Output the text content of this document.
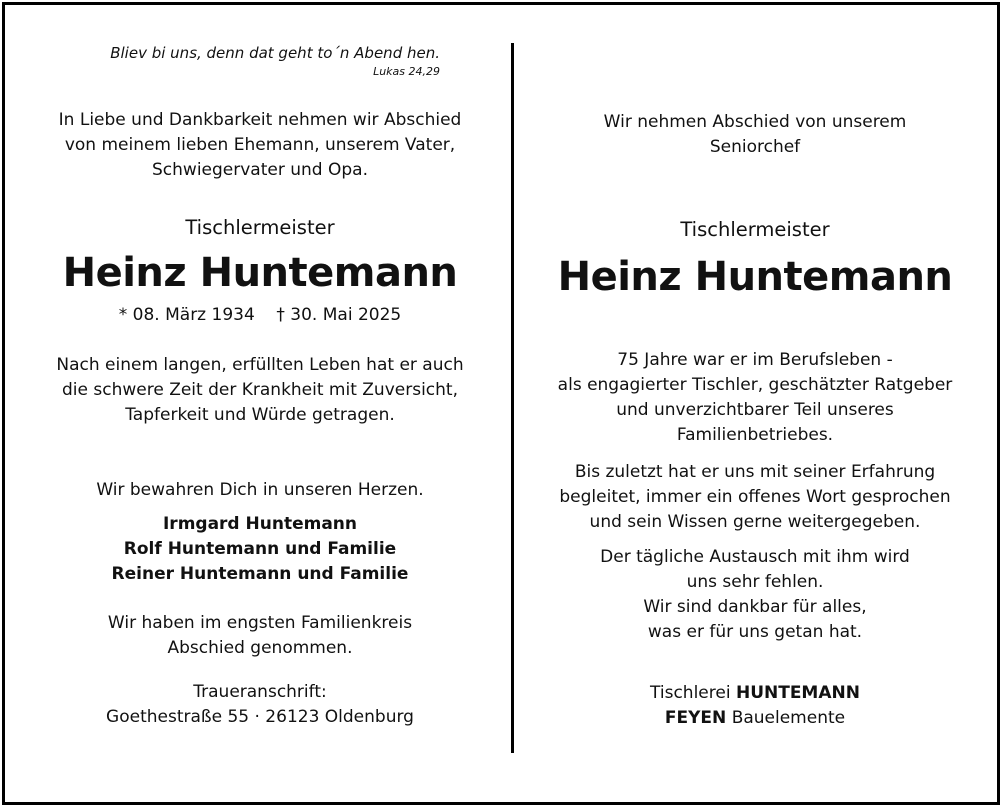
Bliev bi uns, denn dat geht to´n Abend hen.
Lukas 24,29
In Liebe und Dankbarkeit nehmen wir Abschied
von meinem lieben Ehemann, unserem Vater,
Schwiegervater und Opa.
Tischlermeister
Heinz Huntemann
* 08. März 1934    † 30. Mai 2025
Nach einem langen, erfüllten Leben hat er auch
die schwere Zeit der Krankheit mit Zuversicht,
Tapferkeit und Würde getragen.
Wir bewahren Dich in unseren Herzen.
Irmgard Huntemann
Rolf Huntemann und Familie
Reiner Huntemann und Familie
Wir haben im engsten Familienkreis
Abschied genommen.
Traueranschrift:
Goethestraße 55 · 26123 Oldenburg
Wir nehmen Abschied von unserem
Seniorchef
Tischlermeister
Heinz Huntemann
75 Jahre war er im Berufsleben -
als engagierter Tischler, geschätzter Ratgeber
und unverzichtbarer Teil unseres
Familienbetriebes.
Bis zuletzt hat er uns mit seiner Erfahrung
begleitet, immer ein offenes Wort gesprochen
und sein Wissen gerne weitergegeben.
Der tägliche Austausch mit ihm wird
uns sehr fehlen.
Wir sind dankbar für alles,
was er für uns getan hat.
Tischlerei HUNTEMANN
FEYEN Bauelemente
